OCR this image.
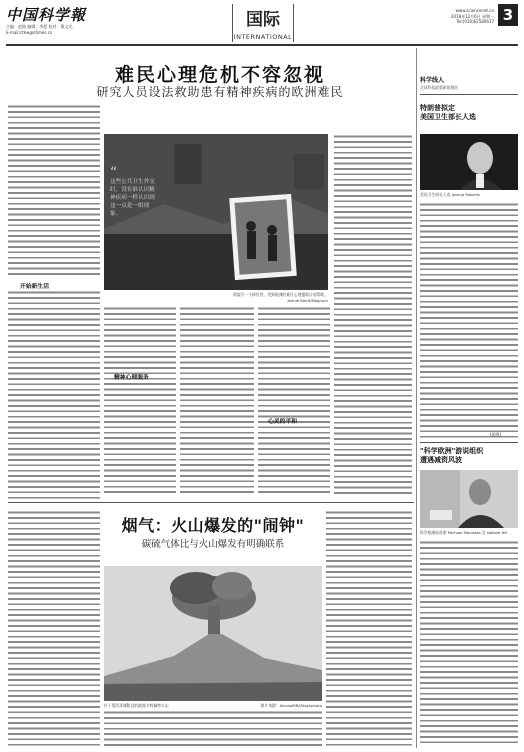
中国科学報
主编：赵路 编辑：李恩 校对：曹文光
E-mail:ctkw@stimes.cn
国际
INTERNATIONAL
www.sciencenet.cn
2018年12月6日 星期一
Tel:(010)62580617 3
难民心理危机不容忽视
研究人员设法救助患有精神疾病的欧洲难民
开始新生活
“
这些公共卫生外交时，没有谁认识精神疾病一样认识到这一点是一组现象。
阿富汗一个移民营，受到欧洲的难民心理援助计划帮助。
Jennie Baird/Magnum
精神心理服务
心灵的平和
科学线人
全球科技政策新闻聚焦
特朗普拟定
美国卫生部长人选
美国卫生部长人选 Joshua Roberts
(胡珉)
"科学欧洲"游说组织
遭遇减资风波
科学欧洲前首席 Michael Mendoza 及 Natalie Hill
烟气：火山爆发的"闹钟"
碳硫气体比与火山爆发有明确联系
位于墨西哥城附近的波波卡特佩特火山	图片来源：AlonsoMR/iStockphoto
